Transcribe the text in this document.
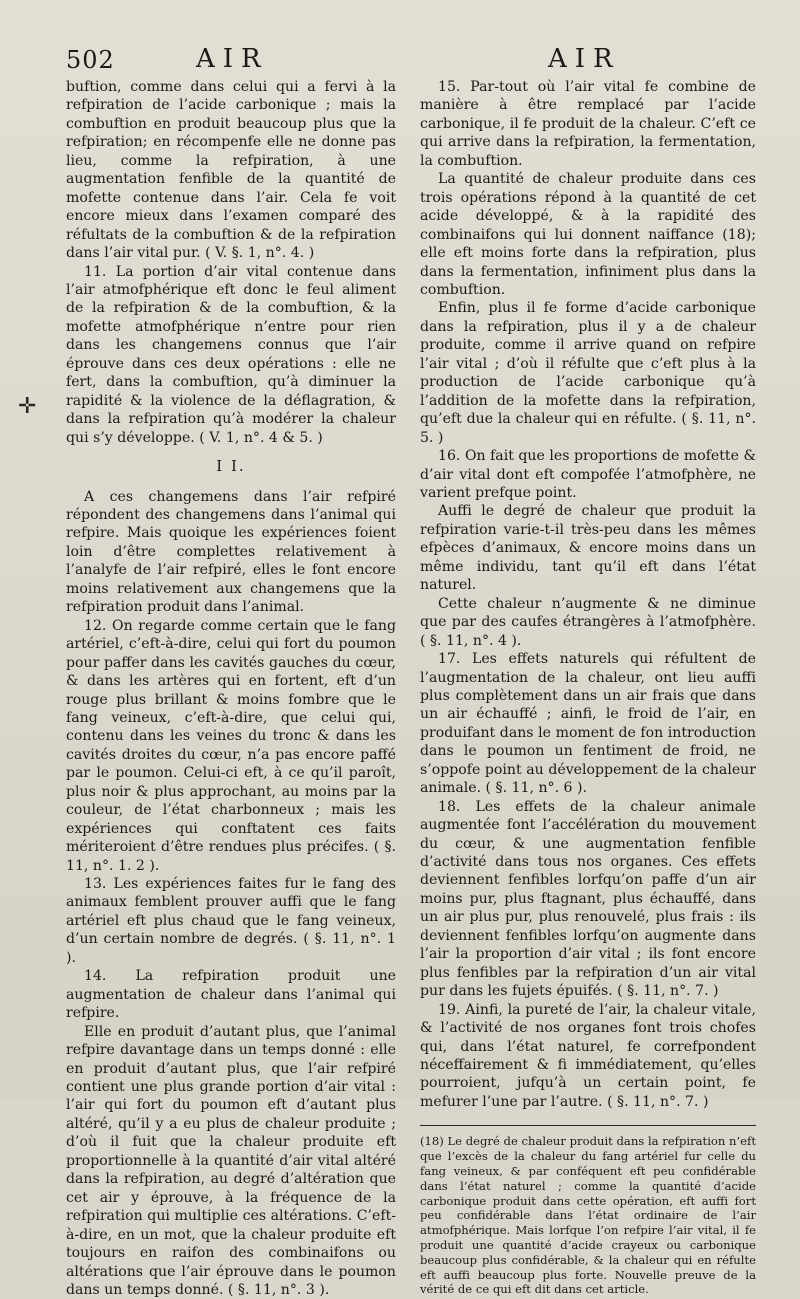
502	AIR	AIR
✛

buftion, comme dans celui qui a fervi à la refpiration de l’acide carbonique ; mais la combuftion en produit beaucoup plus que la refpiration; en récompenfe elle ne donne pas lieu, comme la refpiration, à une augmentation fenfible de la quantité de mofette contenue dans l’air. Cela fe voit encore mieux dans l’examen comparé des réfultats de la combuftion & de la refpiration dans l’air vital pur. ( V. §. 1, n°. 4. )

11. La portion d’air vital contenue dans l’air atmofphérique eft donc le feul aliment de la refpiration & de la combuftion, & la mofette atmofphérique n’entre pour rien dans les changemens connus que l’air éprouve dans ces deux opérations : elle ne fert, dans la combuftion, qu’à diminuer la rapidité & la violence de la déflagration, & dans la refpiration qu’à modérer la chaleur qui s’y développe. ( V. 1, n°. 4 & 5. )

I I.

A ces changemens dans l’air refpiré répondent des changemens dans l’animal qui refpire. Mais quoique les expériences foient loin d’être complettes relativement à l’analyfe de l’air refpiré, elles le font encore moins relativement aux changemens que la refpiration produit dans l’animal.

12. On regarde comme certain que le fang artériel, c’eft-à-dire, celui qui fort du poumon pour paffer dans les cavités gauches du cœur, & dans les artères qui en fortent, eft d’un rouge plus brillant & moins fombre que le fang veineux, c’eft-à-dire, que celui qui, contenu dans les veines du tronc & dans les cavités droites du cœur, n’a pas encore paffé par le poumon. Celui-ci eft, à ce qu’il paroît, plus noir & plus approchant, au moins par la couleur, de l’état charbonneux ; mais les expériences qui conftatent ces faits mériteroient d’être rendues plus précifes. ( §. 11, n°. 1. 2 ).

13. Les expériences faites fur le fang des animaux femblent prouver auffi que le fang artériel eft plus chaud que le fang veineux, d’un certain nombre de degrés. ( §. 11, n°. 1 ).

14. La refpiration produit une augmentation de chaleur dans l’animal qui refpire.

Elle en produit d’autant plus, que l’animal refpire davantage dans un temps donné : elle en produit d’autant plus, que l’air refpiré contient une plus grande portion d’air vital : l’air qui fort du poumon eft d’autant plus altéré, qu’il y a eu plus de chaleur produite ; d’où il fuit que la chaleur produite eft proportionnelle à la quantité d’air vital altéré dans la refpiration, au degré d’altération que cet air y éprouve, à la fréquence de la refpiration qui multiplie ces altérations. C’eft-à-dire, en un mot, que la chaleur produite eft toujours en raifon des combinaifons ou altérations que l’air éprouve dans le poumon dans un temps donné. ( §. 11, n°. 3 ).

15. Par-tout où l’air vital fe combine de manière à être remplacé par l’acide carbonique, il fe produit de la chaleur. C’eft ce qui arrive dans la refpiration, la fermentation, la combuftion.

La quantité de chaleur produite dans ces trois opérations répond à la quantité de cet acide développé, & à la rapidité des combinaifons qui lui donnent naiffance (18); elle eft moins forte dans la refpiration, plus dans la fermentation, infiniment plus dans la combuftion.

Enfin, plus il fe forme d’acide carbonique dans la refpiration, plus il y a de chaleur produite, comme il arrive quand on refpire l’air vital ; d’où il réfulte que c’eft plus à la production de l’acide carbonique qu’à l’addition de la mofette dans la refpiration, qu’eft due la chaleur qui en réfulte. ( §. 11, n°. 5. )

16. On fait que les proportions de mofette & d’air vital dont eft compofée l’atmofphère, ne varient prefque point.

Auffi le degré de chaleur que produit la refpiration varie-t-il très-peu dans les mêmes efpèces d’animaux, & encore moins dans un même individu, tant qu’il eft dans l’état naturel.

Cette chaleur n’augmente & ne diminue que par des caufes étrangères à l’atmofphère. ( §. 11, n°. 4 ).

17. Les effets naturels qui réfultent de l’augmentation de la chaleur, ont lieu auffi plus complètement dans un air frais que dans un air échauffé ; ainfi, le froid de l’air, en produifant dans le moment de fon introduction dans le poumon un fentiment de froid, ne s’oppofe point au développement de la chaleur animale. ( §. 11, n°. 6 ).

18. Les effets de la chaleur animale augmentée font l’accélération du mouvement du cœur, & une augmentation fenfible d’activité dans tous nos organes. Ces effets deviennent fenfibles lorfqu’on paffe d’un air moins pur, plus ftagnant, plus échauffé, dans un air plus pur, plus renouvelé, plus frais : ils deviennent fenfibles lorfqu’on augmente dans l’air la proportion d’air vital ; ils font encore plus fenfibles par la refpiration d’un air vital pur dans les fujets épuifés. ( §. 11, n°. 7. )

19. Ainfi, la pureté de l’air, la chaleur vitale, & l’activité de nos organes font trois chofes qui, dans l’état naturel, fe correfpondent néceffairement & fi immédiatement, qu’elles pourroient, jufqu’à un certain point, fe mefurer l’une par l’autre. ( §. 11, n°. 7. )

(18) Le degré de chaleur produit dans la refpiration n’eft que l’excès de la chaleur du fang artériel fur celle du fang veineux, & par conféquent eft peu confidérable dans l’état naturel ; comme la quantité d’acide carbonique produit dans cette opération, eft auffi fort peu confidérable dans l’état ordinaire de l’air atmofphérique. Mais lorfque l’on refpire l’air vital, il fe produit une quantité d’acide crayeux ou carbonique beaucoup plus confidérable, & la chaleur qui en réfulte eft auffi beaucoup plus forte. Nouvelle preuve de la vérité de ce qui eft dit dans cet article.
